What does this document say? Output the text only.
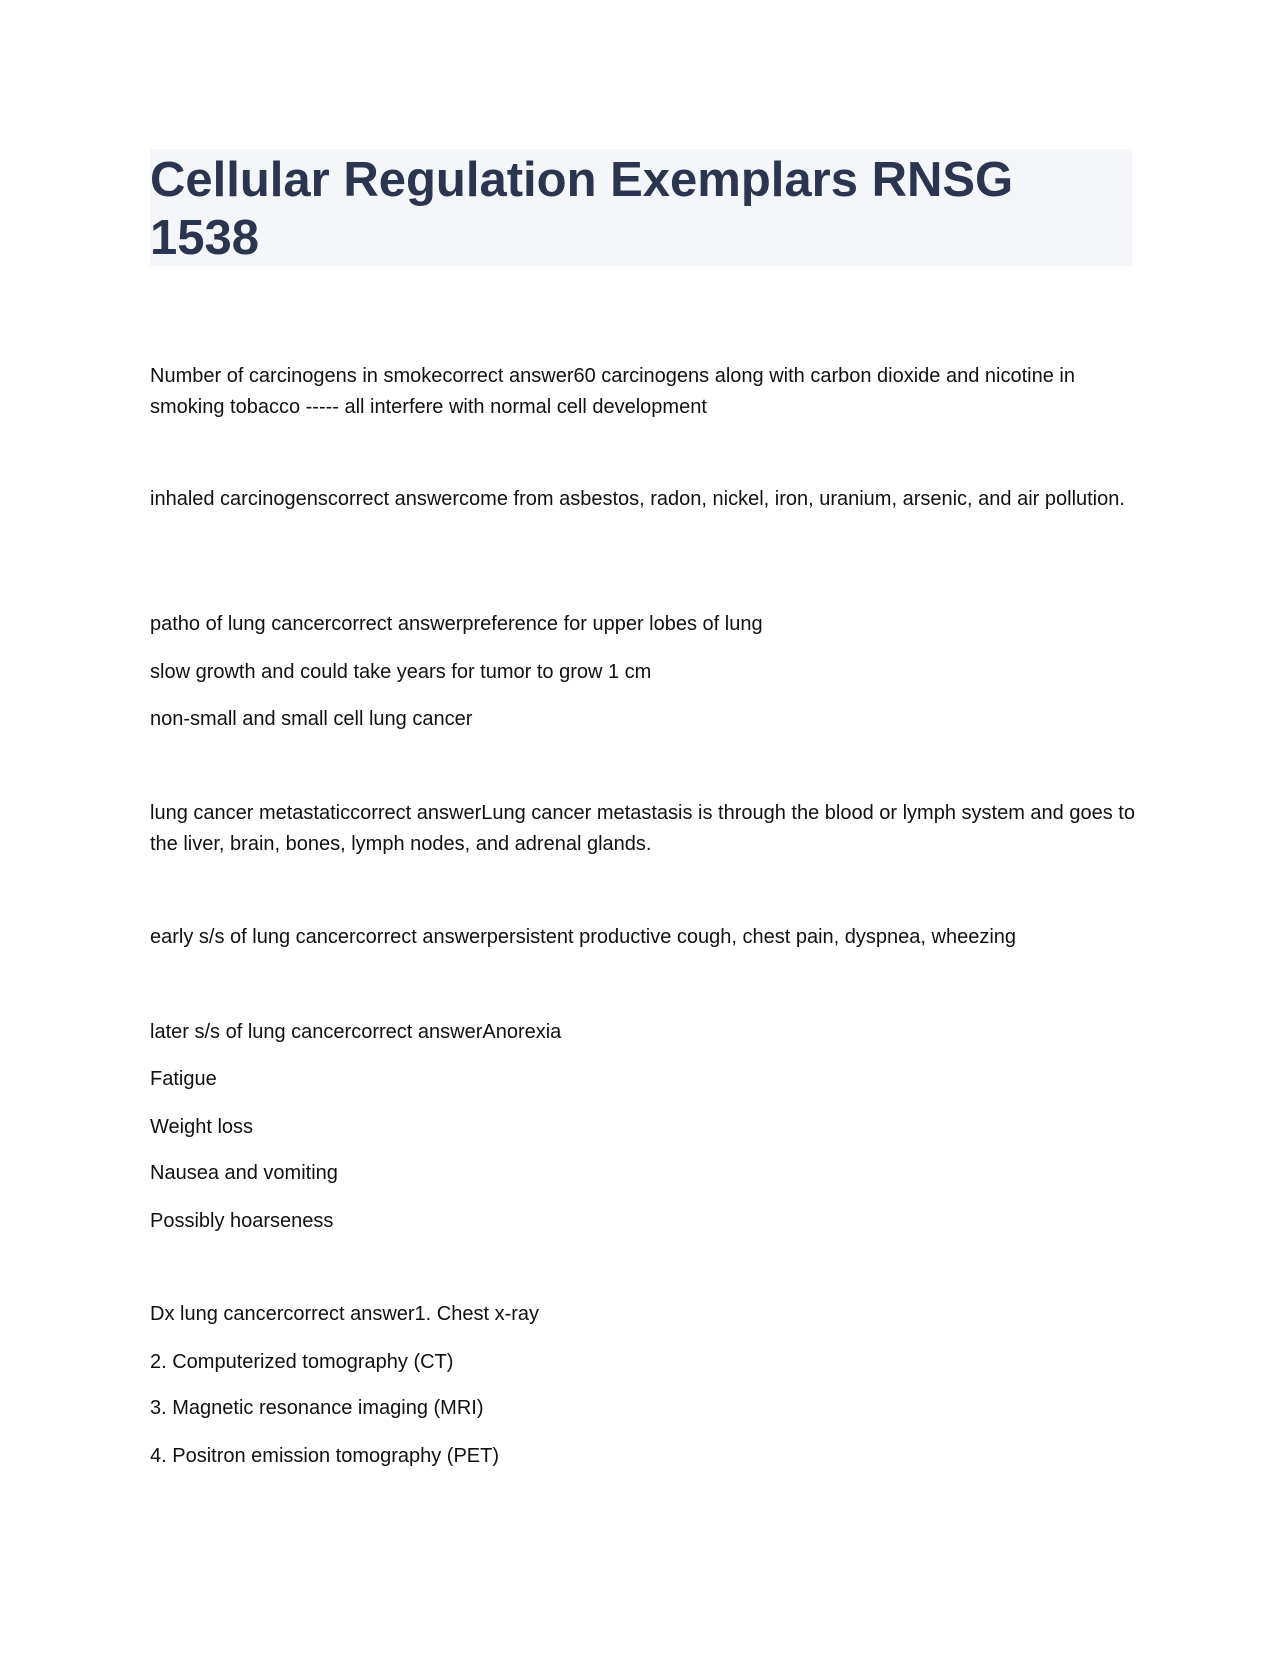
Cellular Regulation Exemplars RNSG 1538
Number of carcinogens in smokecorrect answer60 carcinogens along with carbon dioxide and nicotine in smoking tobacco ----- all interfere with normal cell development
inhaled carcinogenscorrect answercome from asbestos, radon, nickel, iron, uranium, arsenic, and air pollution.
patho of lung cancercorrect answerpreference for upper lobes of lung
slow growth and could take years for tumor to grow 1 cm
non-small and small cell lung cancer
lung cancer metastaticcorrect answerLung cancer metastasis is through the blood or lymph system and goes to the liver, brain, bones, lymph nodes, and adrenal glands.
early s/s of lung cancercorrect answerpersistent productive cough, chest pain, dyspnea, wheezing
later s/s of lung cancercorrect answerAnorexia
Fatigue
Weight loss
Nausea and vomiting
Possibly hoarseness
Dx lung cancercorrect answer1. Chest x-ray
2. Computerized tomography (CT)
3. Magnetic resonance imaging (MRI)
4. Positron emission tomography (PET)
